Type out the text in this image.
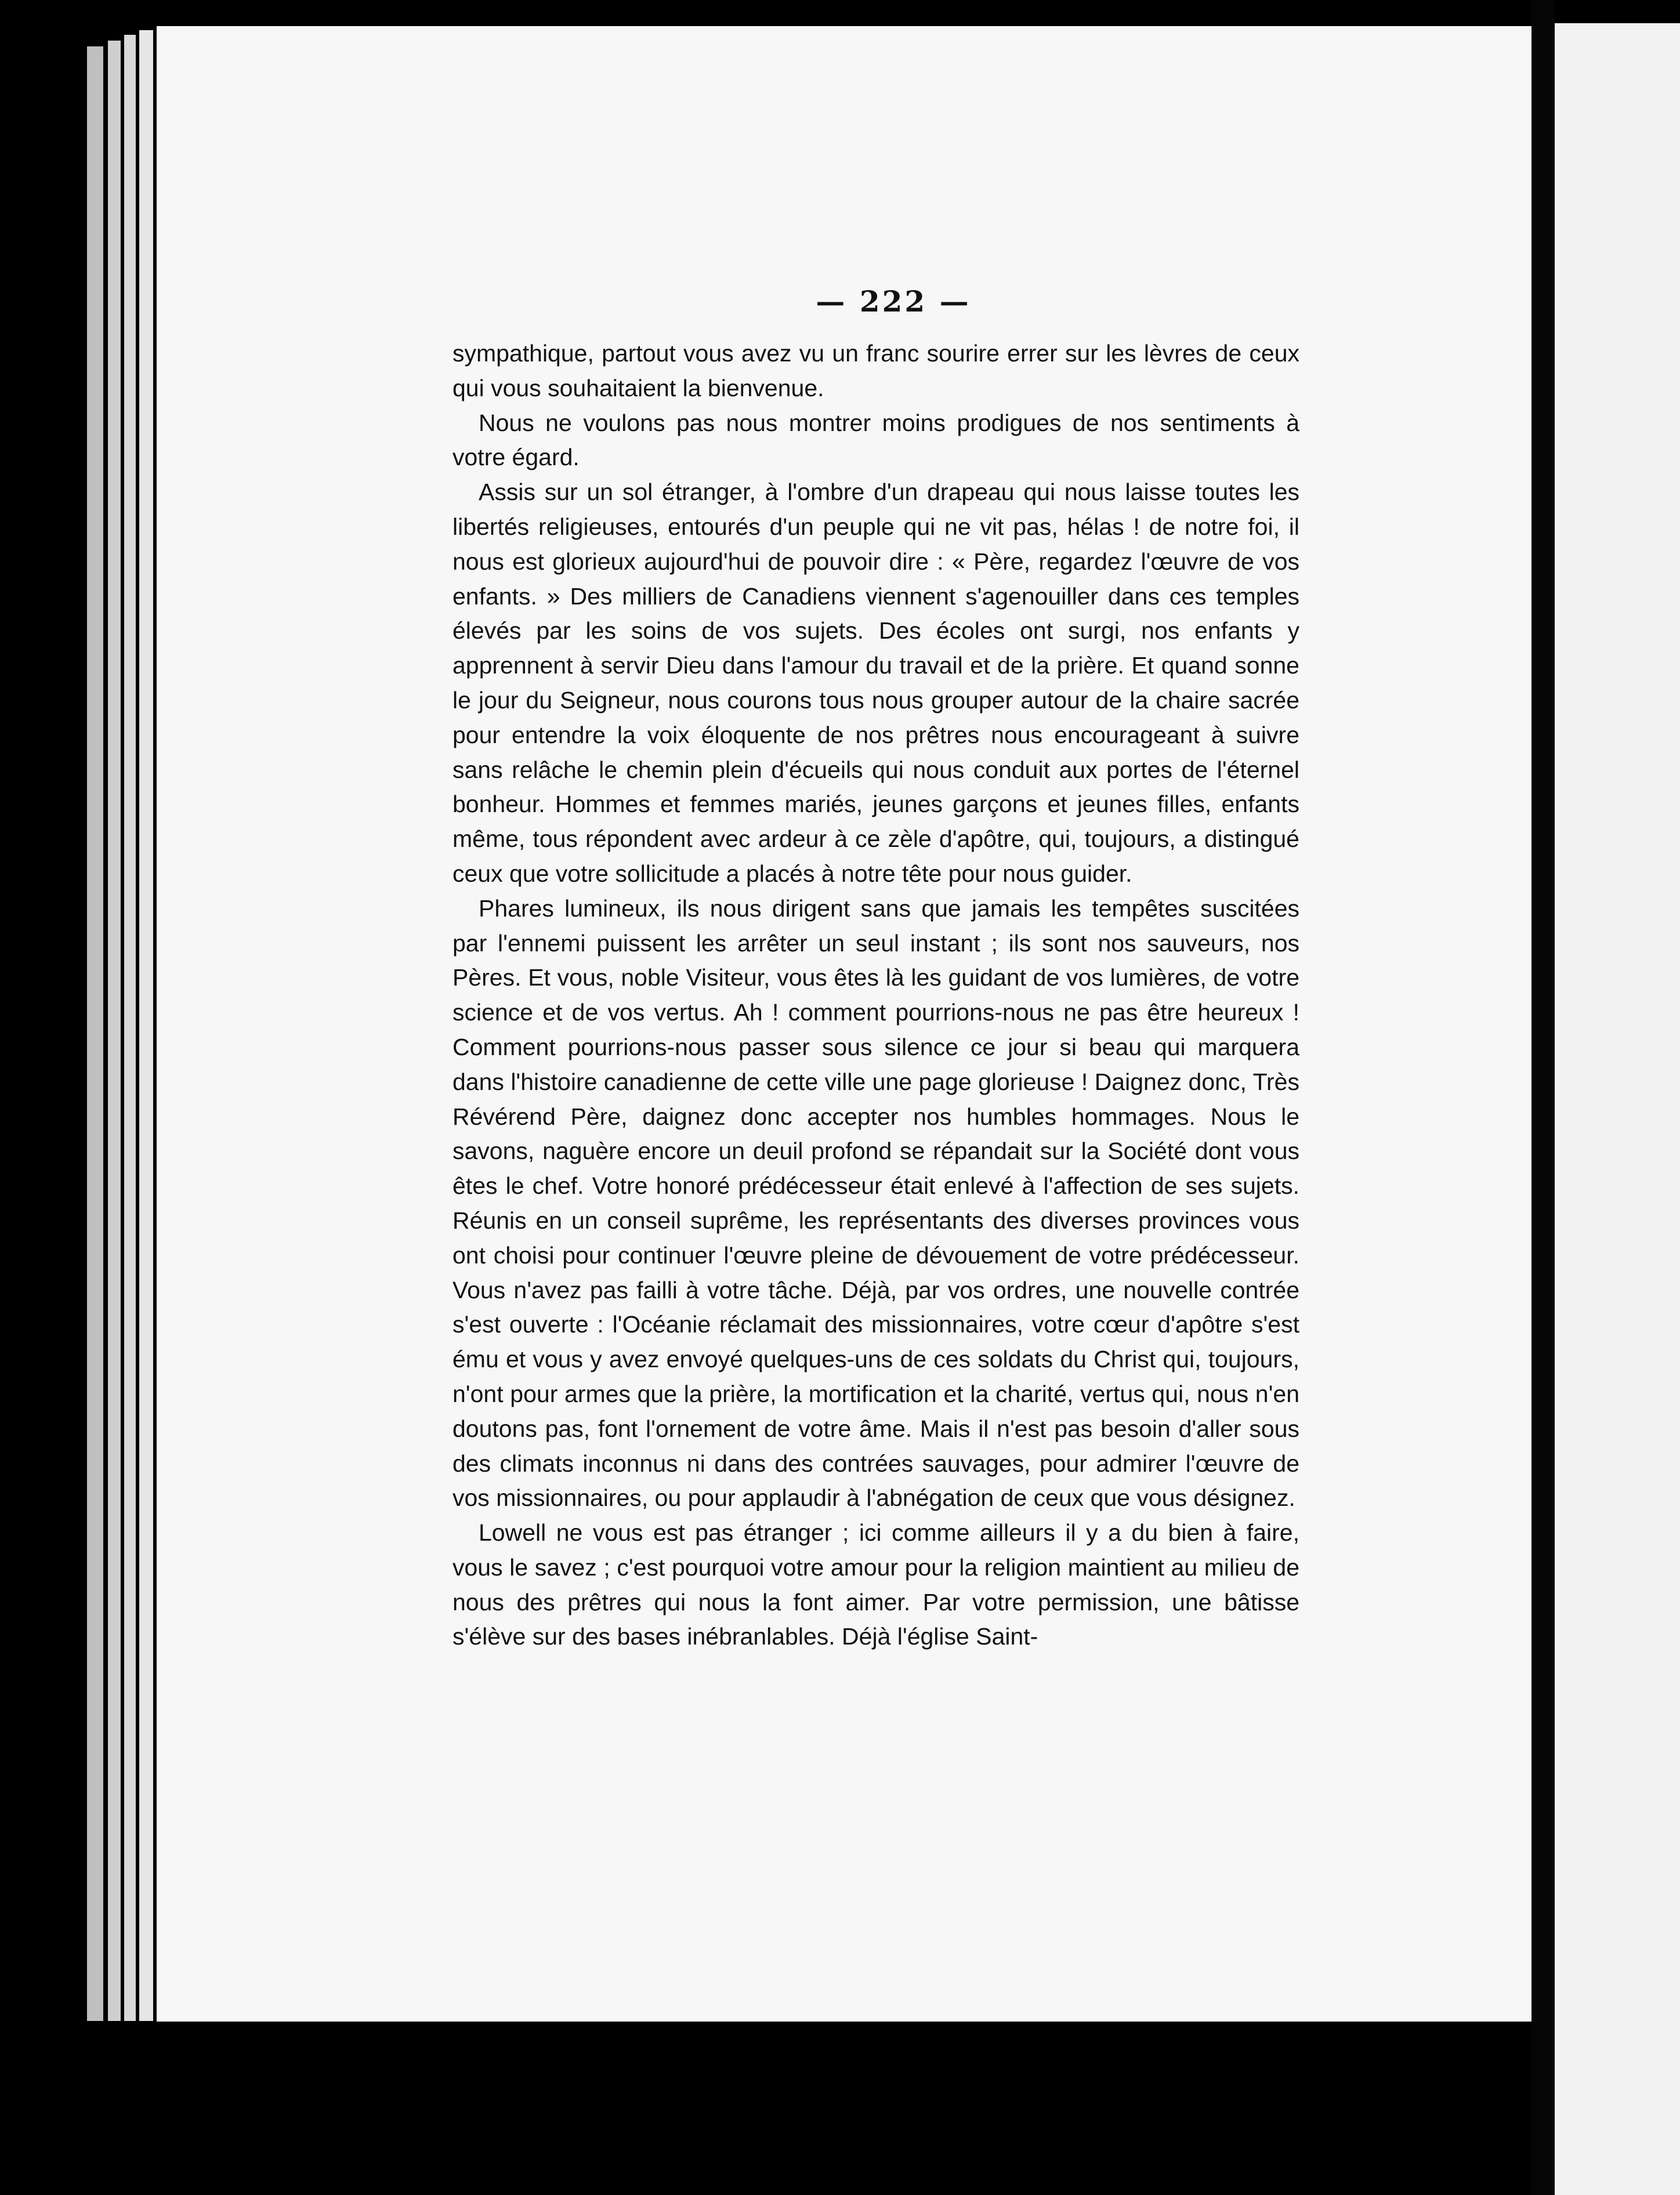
— 222 —

sympathique, partout vous avez vu un franc sourire errer sur les lèvres de ceux qui vous souhaitaient la bienvenue.

Nous ne voulons pas nous montrer moins prodigues de nos sentiments à votre égard.

Assis sur un sol étranger, à l'ombre d'un drapeau qui nous laisse toutes les libertés religieuses, entourés d'un peuple qui ne vit pas, hélas ! de notre foi, il nous est glorieux aujourd'hui de pouvoir dire : « Père, regardez l'œuvre de vos enfants. » Des milliers de Canadiens viennent s'agenouiller dans ces temples élevés par les soins de vos sujets. Des écoles ont surgi, nos enfants y apprennent à servir Dieu dans l'amour du travail et de la prière. Et quand sonne le jour du Seigneur, nous courons tous nous grouper autour de la chaire sacrée pour entendre la voix éloquente de nos prêtres nous encourageant à suivre sans relâche le chemin plein d'écueils qui nous conduit aux portes de l'éternel bonheur. Hommes et femmes mariés, jeunes garçons et jeunes filles, enfants même, tous répondent avec ardeur à ce zèle d'apôtre, qui, toujours, a distingué ceux que votre sollicitude a placés à notre tête pour nous guider.

Phares lumineux, ils nous dirigent sans que jamais les tempêtes suscitées par l'ennemi puissent les arrêter un seul instant ; ils sont nos sauveurs, nos Pères. Et vous, noble Visiteur, vous êtes là les guidant de vos lumières, de votre science et de vos vertus. Ah ! comment pourrions-nous ne pas être heureux ! Comment pourrions-nous passer sous silence ce jour si beau qui marquera dans l'histoire canadienne de cette ville une page glorieuse ! Daignez donc, Très Révérend Père, daignez donc accepter nos humbles hommages. Nous le savons, naguère encore un deuil profond se répandait sur la Société dont vous êtes le chef. Votre honoré prédécesseur était enlevé à l'affection de ses sujets. Réunis en un conseil suprême, les représentants des diverses provinces vous ont choisi pour continuer l'œuvre pleine de dévouement de votre prédécesseur. Vous n'avez pas failli à votre tâche. Déjà, par vos ordres, une nouvelle contrée s'est ouverte : l'Océanie réclamait des missionnaires, votre cœur d'apôtre s'est ému et vous y avez envoyé quelques-uns de ces soldats du Christ qui, toujours, n'ont pour armes que la prière, la mortification et la charité, vertus qui, nous n'en doutons pas, font l'ornement de votre âme. Mais il n'est pas besoin d'aller sous des climats inconnus ni dans des contrées sauvages, pour admirer l'œuvre de vos missionnaires, ou pour applaudir à l'abnégation de ceux que vous désignez.

Lowell ne vous est pas étranger ; ici comme ailleurs il y a du bien à faire, vous le savez ; c'est pourquoi votre amour pour la religion maintient au milieu de nous des prêtres qui nous la font aimer. Par votre permission, une bâtisse s'élève sur des bases inébranlables. Déjà l'église Saint-
